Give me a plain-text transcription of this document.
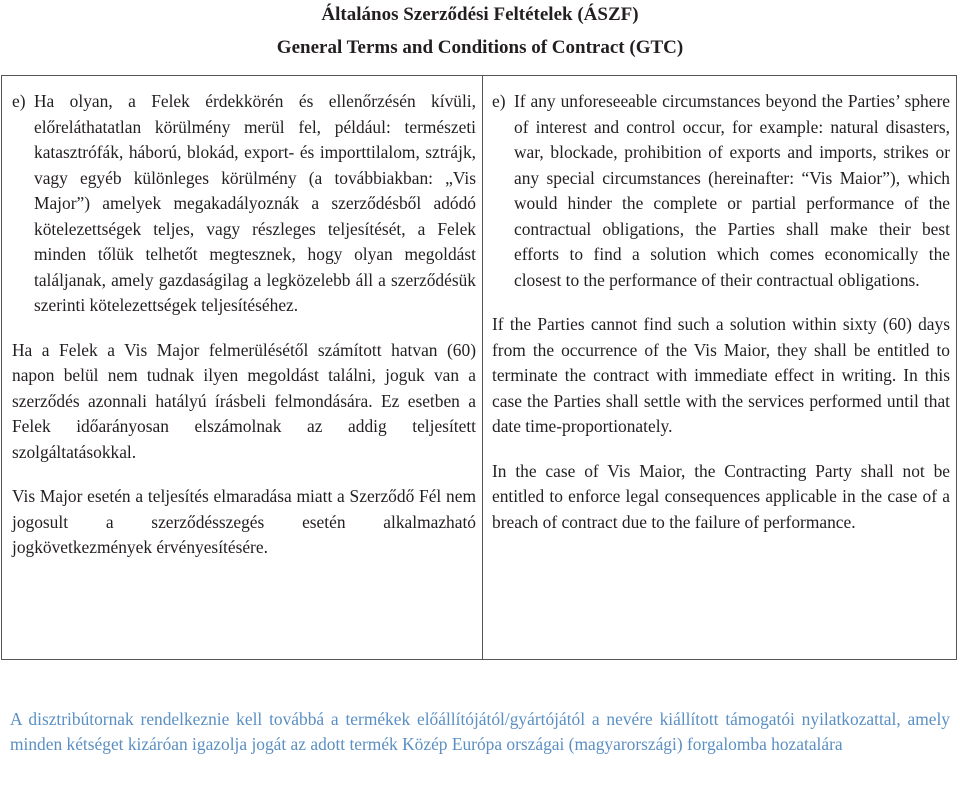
Általános Szerződési Feltételek (ÁSZF)
General Terms and Conditions of Contract (GTC)
e) Ha olyan, a Felek érdekkörén és ellenőrzésén kívüli, előreláthatatlan körülmény merül fel, például: természeti katasztrófák, háború, blokád, export- és importtilalom, sztrájk, vagy egyéb különleges körülmény (a továbbiakban: „Vis Major”) amelyek megakadályoznák a szerződésből adódó kötelezettségek teljes, vagy részleges teljesítését, a Felek minden tőlük telhetőt megtesznek, hogy olyan megoldást találjanak, amely gazdaságilag a legközelebb áll a szerződésük szerinti kötelezettségek teljesítéséhez.

Ha a Felek a Vis Major felmerülésétől számított hatvan (60) napon belül nem tudnak ilyen megoldást találni, joguk van a szerződés azonnali hatályú írásbeli felmondására. Ez esetben a Felek időarányosan elszámolnak az addig teljesített szolgáltatásokkal.

Vis Major esetén a teljesítés elmaradása miatt a Szerződő Fél nem jogosult a szerződésszegés esetén alkalmazható jogkövetkezmények érvényesítésére.

e) If any unforeseeable circumstances beyond the Parties’ sphere of interest and control occur, for example: natural disasters, war, blockade, prohibition of exports and imports, strikes or any special circumstances (hereinafter: “Vis Maior”), which would hinder the complete or partial performance of the contractual obligations, the Parties shall make their best efforts to find a solution which comes economically the closest to the performance of their contractual obligations.

If the Parties cannot find such a solution within sixty (60) days from the occurrence of the Vis Maior, they shall be entitled to terminate the contract with immediate effect in writing. In this case the Parties shall settle with the services performed until that date time-proportionately.

In the case of Vis Maior, the Contracting Party shall not be entitled to enforce legal consequences applicable in the case of a breach of contract due to the failure of performance.

A disztribútornak rendelkeznie kell továbbá a termékek előállítójától/gyártójától a nevére kiállított támogatói nyilatkozattal, amely minden kétséget kizáróan igazolja jogát az adott termék Közép Európa országai (magyarországi) forgalomba hozatalára
